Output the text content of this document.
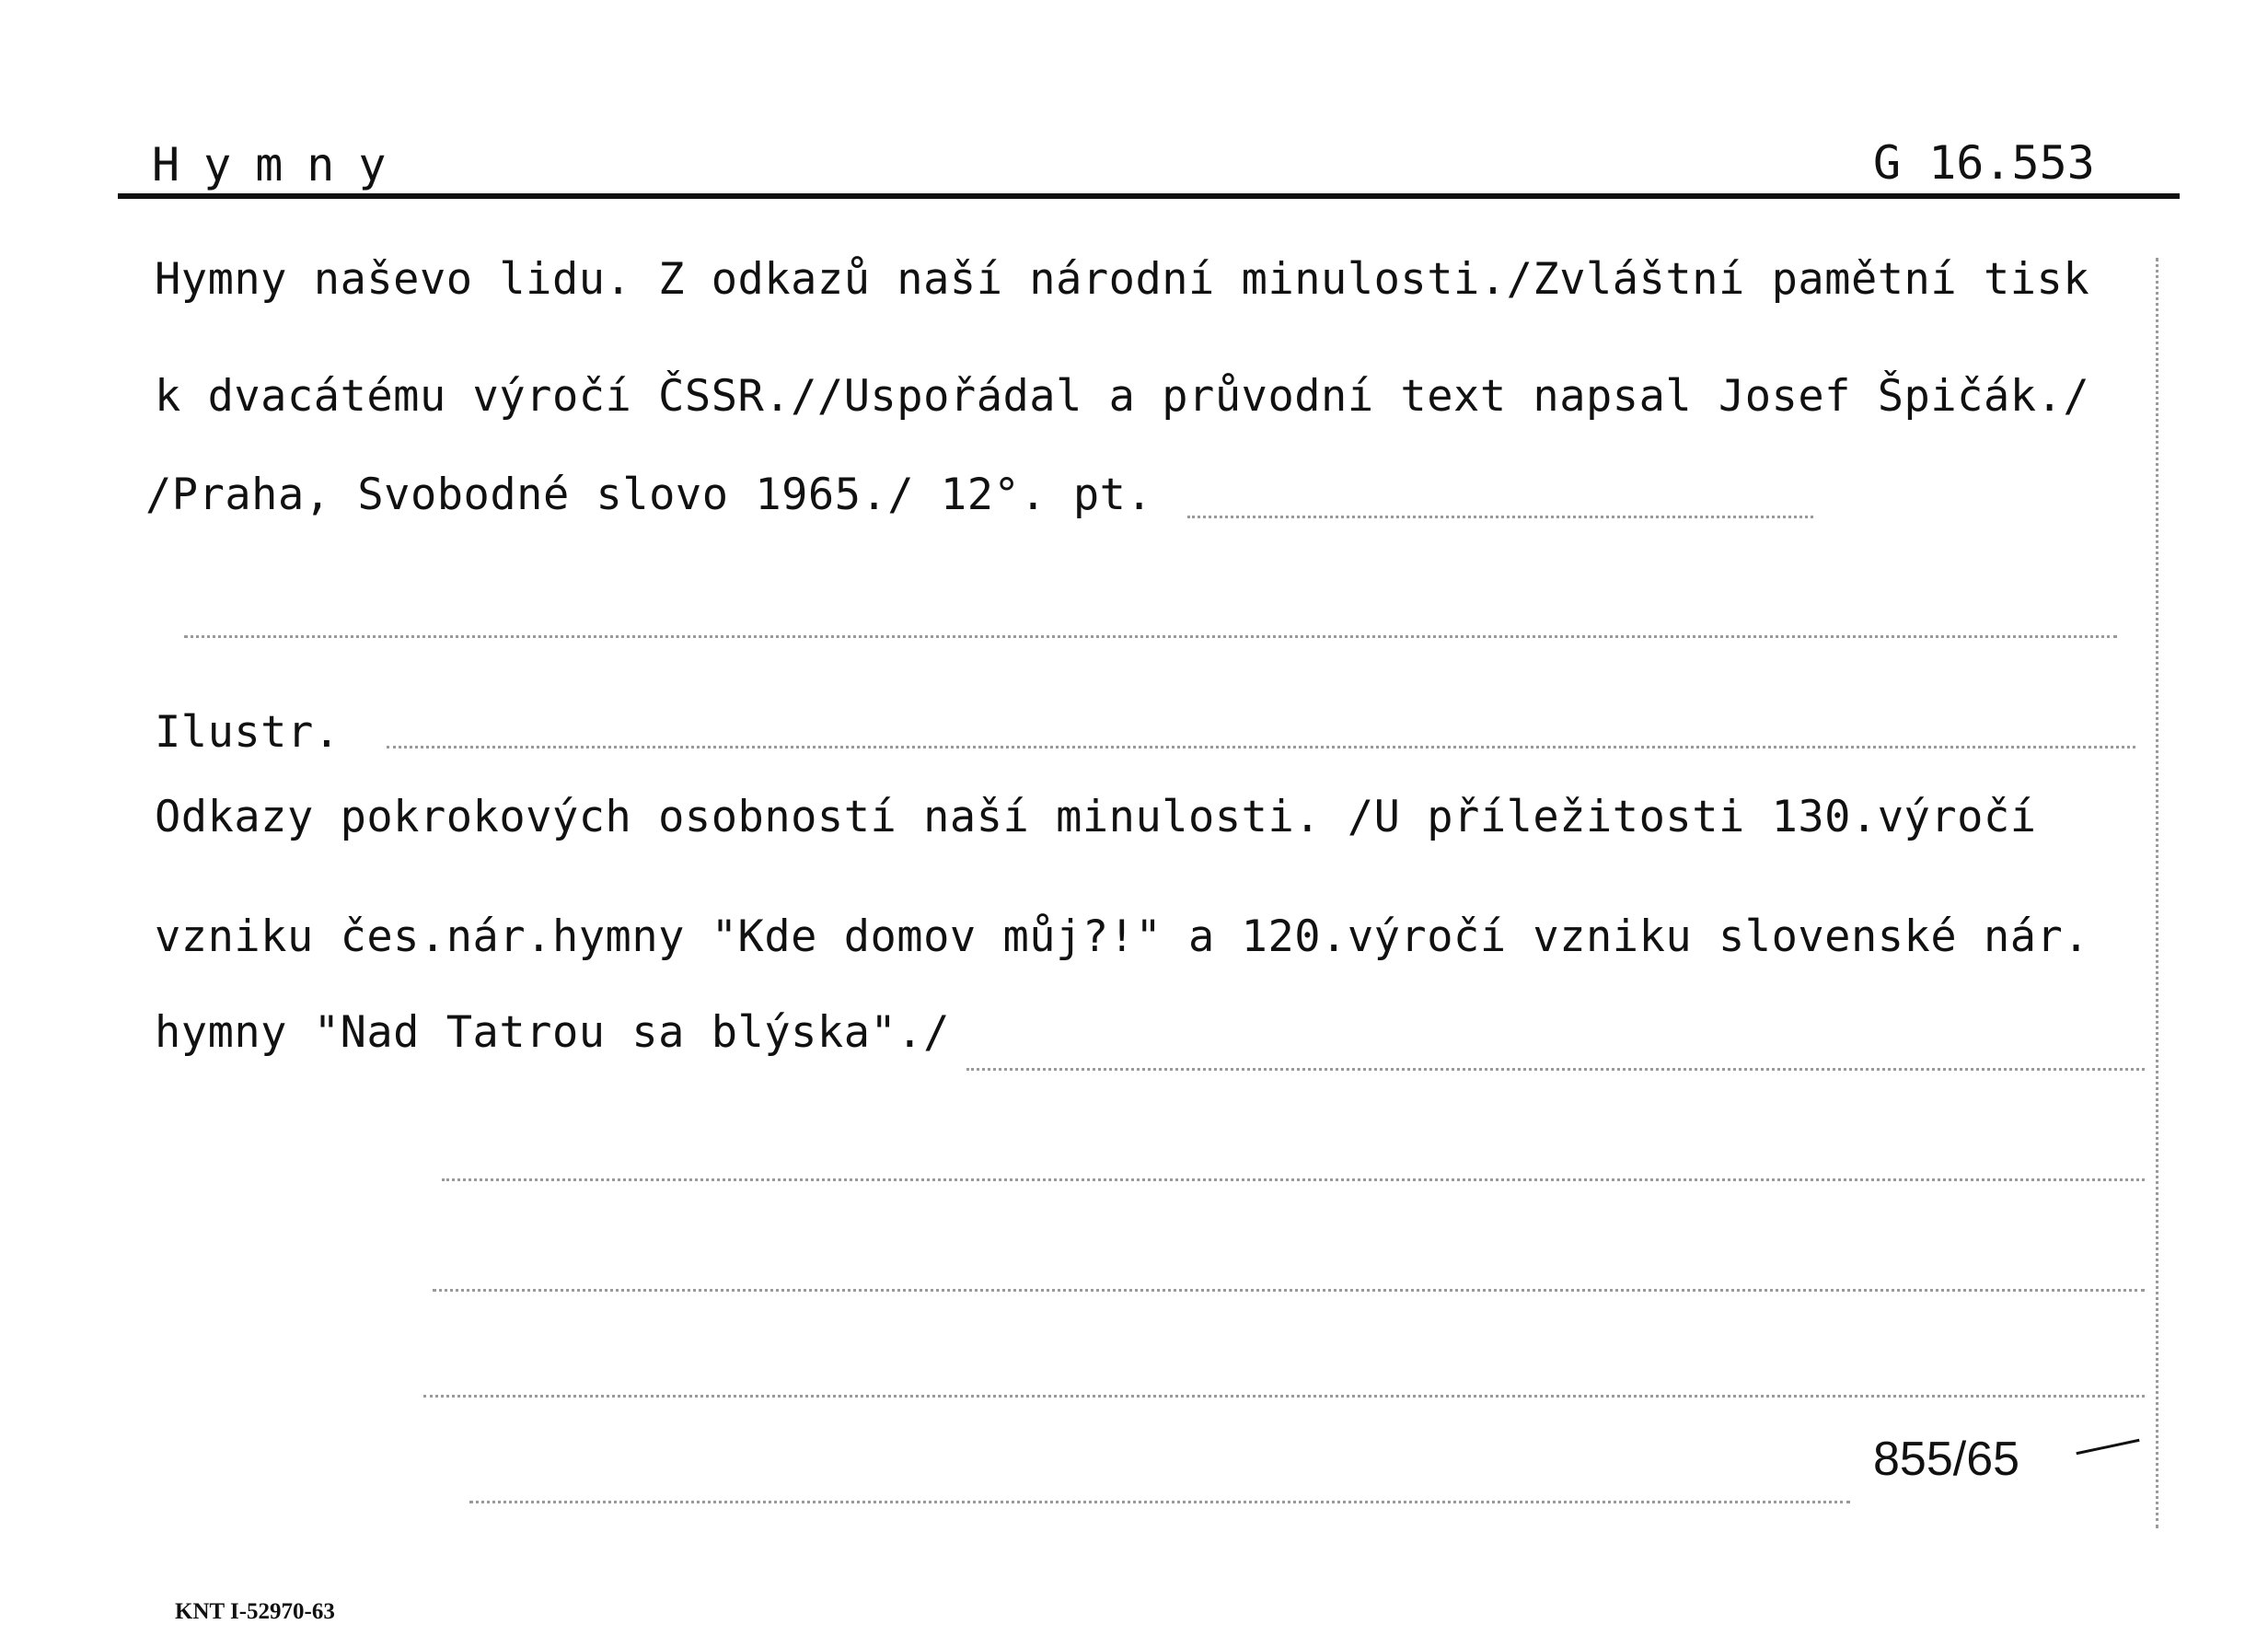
Hymny	G 16.553
Hymny naševo lidu. Z odkazů naší národní minulosti./Zvláštní pamětní tisk
k dvacátému výročí ČSSR.//Uspořádal a průvodní text napsal Josef Špičák./
/Praha, Svobodné slovo 1965./ 12°. pt.
Ilustr.
Odkazy pokrokových osobností naší minulosti. /U příležitosti 130.výročí
vzniku čes.nár.hymny "Kde domov můj?!" a 120.výročí vzniku slovenské nár.
hymny "Nad Tatrou sa blýska"./
855/65
KNT I-52970-63
